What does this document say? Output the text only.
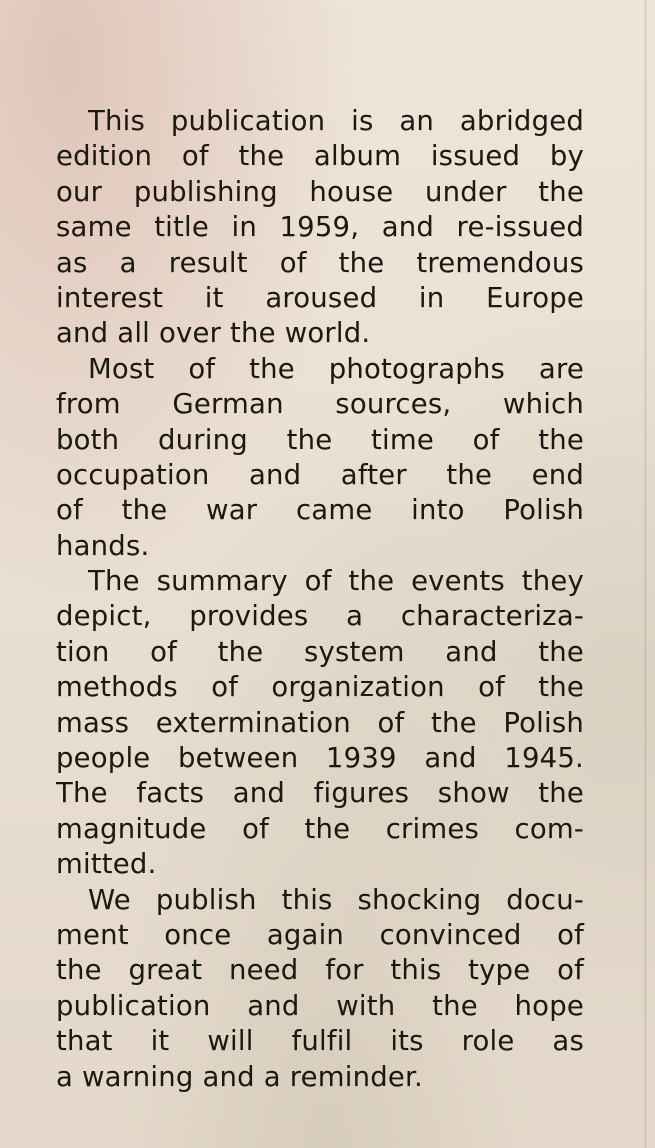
This publication is an abridged
edition of the album issued by
our publishing house under the
same title in 1959, and re-issued
as a result of the tremendous
interest it aroused in Europe
and all over the world.
Most of the photographs are
from German sources, which
both during the time of the
occupation and after the end
of the war came into Polish
hands.
The summary of the events they
depict, provides a characteriza-
tion of the system and the
methods of organization of the
mass extermination of the Polish
people between 1939 and 1945.
The facts and figures show the
magnitude of the crimes com-
mitted.
We publish this shocking docu-
ment once again convinced of
the great need for this type of
publication and with the hope
that it will fulfil its role as
a warning and a reminder.
